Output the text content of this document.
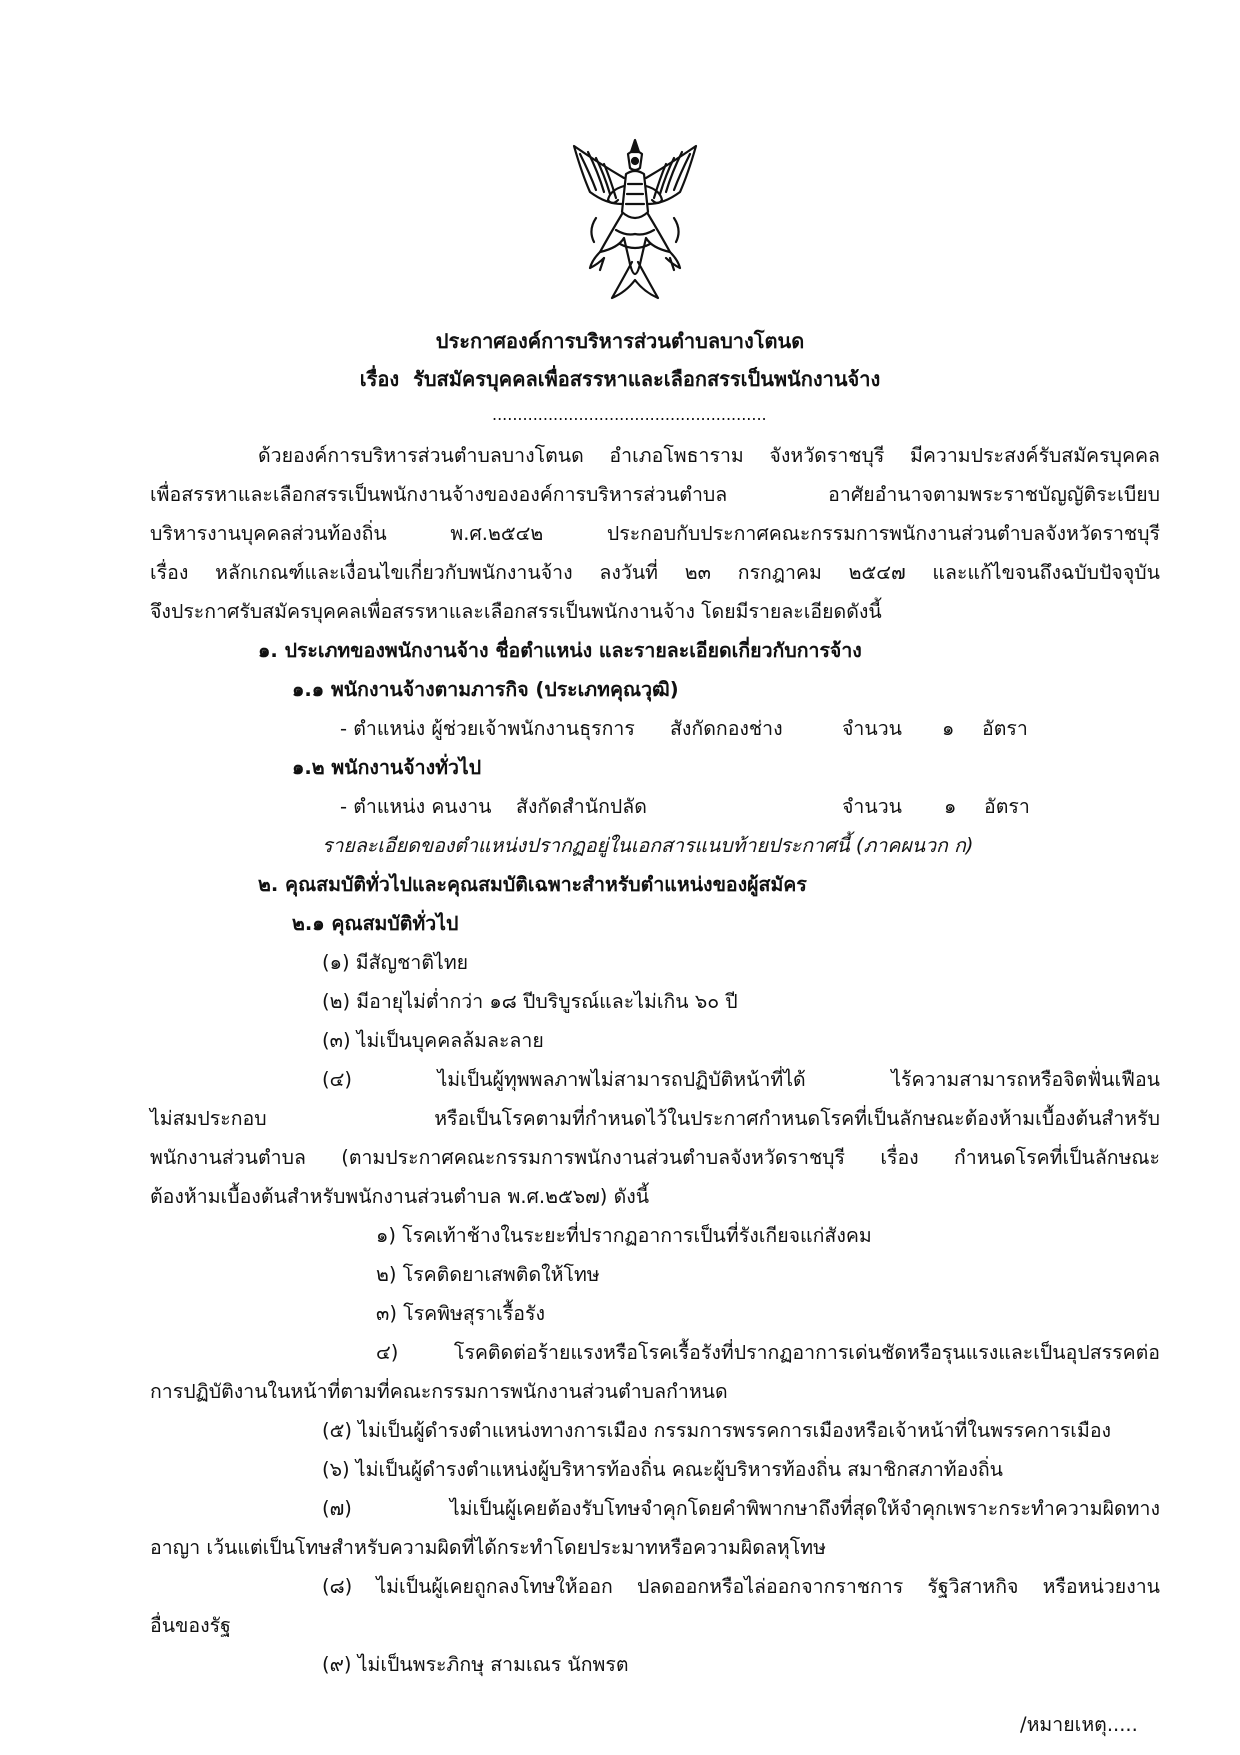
ประกาศองค์การบริหารส่วนตำบลบางโตนด
เรื่อง รับสมัครบุคคลเพื่อสรรหาและเลือกสรรเป็นพนักงานจ้าง
......................................................
ด้วยองค์การบริหารส่วนตำบลบางโตนด อำเภอโพธาราม จังหวัดราชบุรี มีความประสงค์รับสมัครบุคคล
เพื่อสรรหาและเลือกสรรเป็นพนักงานจ้างขององค์การบริหารส่วนตำบล อาศัยอำนาจตามพระราชบัญญัติระเบียบ
บริหารงานบุคคลส่วนท้องถิ่น พ.ศ.๒๕๔๒ ประกอบกับประกาศคณะกรรมการพนักงานส่วนตำบลจังหวัดราชบุรี
เรื่อง หลักเกณฑ์และเงื่อนไขเกี่ยวกับพนักงานจ้าง ลงวันที่ ๒๓ กรกฎาคม ๒๕๔๗ และแก้ไขจนถึงฉบับปัจจุบัน
จึงประกาศรับสมัครบุคคลเพื่อสรรหาและเลือกสรรเป็นพนักงานจ้าง โดยมีรายละเอียดดังนี้
๑. ประเภทของพนักงานจ้าง ชื่อตำแหน่ง และรายละเอียดเกี่ยวกับการจ้าง
๑.๑ พนักงานจ้างตามภารกิจ (ประเภทคุณวุฒิ)
- ตำแหน่ง ผู้ช่วยเจ้าพนักงานธุรการ สังกัดกองช่าง	จำนวน ๑ อัตรา
๑.๒ พนักงานจ้างทั่วไป
- ตำแหน่ง คนงาน สังกัดสำนักปลัด	จำนวน ๑ อัตรา
รายละเอียดของตำแหน่งปรากฏอยู่ในเอกสารแนบท้ายประกาศนี้ (ภาคผนวก ก)
๒. คุณสมบัติทั่วไปและคุณสมบัติเฉพาะสำหรับตำแหน่งของผู้สมัคร
๒.๑ คุณสมบัติทั่วไป
(๑) มีสัญชาติไทย
(๒) มีอายุไม่ต่ำกว่า ๑๘ ปีบริบูรณ์และไม่เกิน ๖๐ ปี
(๓) ไม่เป็นบุคคลล้มละลาย
(๔) ไม่เป็นผู้ทุพพลภาพไม่สามารถปฏิบัติหน้าที่ได้ ไร้ความสามารถหรือจิตฟั่นเฟือน
ไม่สมประกอบ หรือเป็นโรคตามที่กำหนดไว้ในประกาศกำหนดโรคที่เป็นลักษณะต้องห้ามเบื้องต้นสำหรับ
พนักงานส่วนตำบล (ตามประกาศคณะกรรมการพนักงานส่วนตำบลจังหวัดราชบุรี เรื่อง กำหนดโรคที่เป็นลักษณะ
ต้องห้ามเบื้องต้นสำหรับพนักงานส่วนตำบล พ.ศ.๒๕๖๗) ดังนี้
๑) โรคเท้าช้างในระยะที่ปรากฏอาการเป็นที่รังเกียจแก่สังคม
๒) โรคติดยาเสพติดให้โทษ
๓) โรคพิษสุราเรื้อรัง
๔) โรคติดต่อร้ายแรงหรือโรคเรื้อรังที่ปรากฏอาการเด่นชัดหรือรุนแรงและเป็นอุปสรรคต่อ
การปฏิบัติงานในหน้าที่ตามที่คณะกรรมการพนักงานส่วนตำบลกำหนด
(๕) ไม่เป็นผู้ดำรงตำแหน่งทางการเมือง กรรมการพรรคการเมืองหรือเจ้าหน้าที่ในพรรคการเมือง
(๖) ไม่เป็นผู้ดำรงตำแหน่งผู้บริหารท้องถิ่น คณะผู้บริหารท้องถิ่น สมาชิกสภาท้องถิ่น
(๗) ไม่เป็นผู้เคยต้องรับโทษจำคุกโดยคำพิพากษาถึงที่สุดให้จำคุกเพราะกระทำความผิดทาง
อาญา เว้นแต่เป็นโทษสำหรับความผิดที่ได้กระทำโดยประมาทหรือความผิดลหุโทษ
(๘) ไม่เป็นผู้เคยถูกลงโทษให้ออก ปลดออกหรือไล่ออกจากราชการ รัฐวิสาหกิจ หรือหน่วยงาน
อื่นของรัฐ
(๙) ไม่เป็นพระภิกษุ สามเณร นักพรต
/หมายเหตุ.....
